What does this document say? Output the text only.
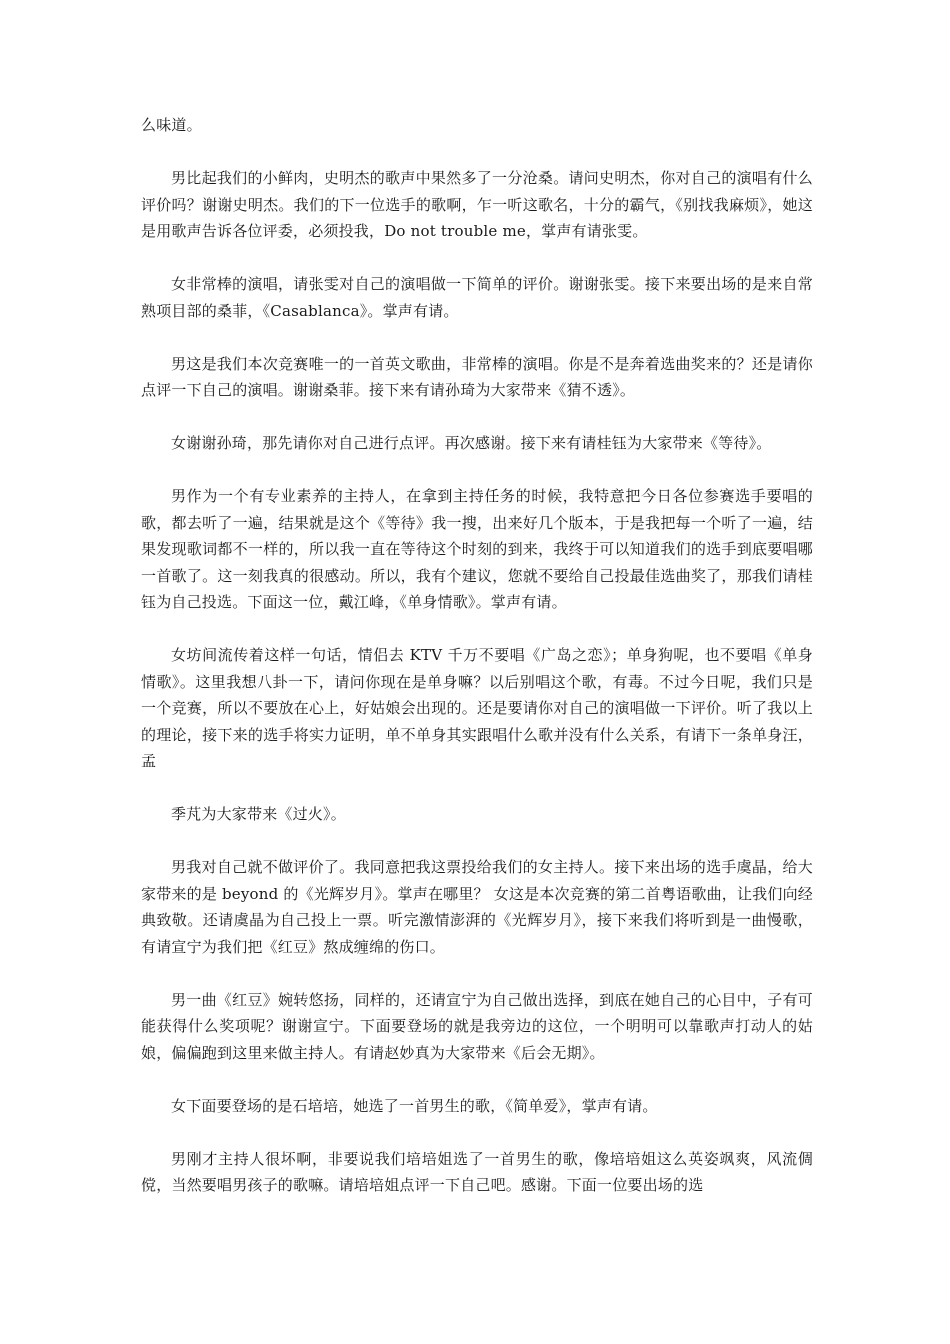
么味道。

男比起我们的小鲜肉，史明杰的歌声中果然多了一分沧桑。请问史明杰，你对自己的演唱有什么评价吗？谢谢史明杰。我们的下一位选手的歌啊，乍一听这歌名，十分的霸气，《别找我麻烦》，她这是用歌声告诉各位评委，必须投我，Do not trouble me，掌声有请张雯。

女非常棒的演唱，请张雯对自己的演唱做一下简单的评价。谢谢张雯。接下来要出场的是来自常熟项目部的桑菲，《Casablanca》。掌声有请。

男这是我们本次竞赛唯一的一首英文歌曲，非常棒的演唱。你是不是奔着选曲奖来的？还是请你点评一下自己的演唱。谢谢桑菲。接下来有请孙琦为大家带来《猜不透》。

女谢谢孙琦，那先请你对自己进行点评。再次感谢。接下来有请桂钰为大家带来《等待》。

男作为一个有专业素养的主持人，在拿到主持任务的时候，我特意把今日各位参赛选手要唱的歌，都去听了一遍，结果就是这个《等待》我一搜，出来好几个版本，于是我把每一个听了一遍，结果发现歌词都不一样的，所以我一直在等待这个时刻的到来，我终于可以知道我们的选手到底要唱哪一首歌了。这一刻我真的很感动。所以，我有个建议，您就不要给自己投最佳选曲奖了，那我们请桂钰为自己投选。下面这一位，戴江峰，《单身情歌》。掌声有请。

女坊间流传着这样一句话，情侣去 KTV 千万不要唱《广岛之恋》；单身狗呢，也不要唱《单身情歌》。这里我想八卦一下，请问你现在是单身嘛？以后别唱这个歌，有毒。不过今日呢，我们只是一个竞赛，所以不要放在心上，好姑娘会出现的。还是要请你对自己的演唱做一下评价。听了我以上的理论，接下来的选手将实力证明，单不单身其实跟唱什么歌并没有什么关系，有请下一条单身汪，孟

季芃为大家带来《过火》。

男我对自己就不做评价了。我同意把我这票投给我们的女主持人。接下来出场的选手虞晶，给大家带来的是 beyond 的《光辉岁月》。掌声在哪里？ 女这是本次竞赛的第二首粤语歌曲，让我们向经典致敬。还请虞晶为自己投上一票。听完激情澎湃的《光辉岁月》，接下来我们将听到是一曲慢歌，有请宣宁为我们把《红豆》熬成缠绵的伤口。

男一曲《红豆》婉转悠扬，同样的，还请宣宁为自己做出选择，到底在她自己的心目中，子有可能获得什么奖项呢？谢谢宣宁。下面要登场的就是我旁边的这位，一个明明可以靠歌声打动人的姑娘，偏偏跑到这里来做主持人。有请赵妙真为大家带来《后会无期》。

女下面要登场的是石培培，她选了一首男生的歌，《简单爱》，掌声有请。

男刚才主持人很坏啊，非要说我们培培姐选了一首男生的歌，像培培姐这么英姿飒爽，风流倜傥，当然要唱男孩子的歌嘛。请培培姐点评一下自己吧。感谢。下面一位要出场的选
